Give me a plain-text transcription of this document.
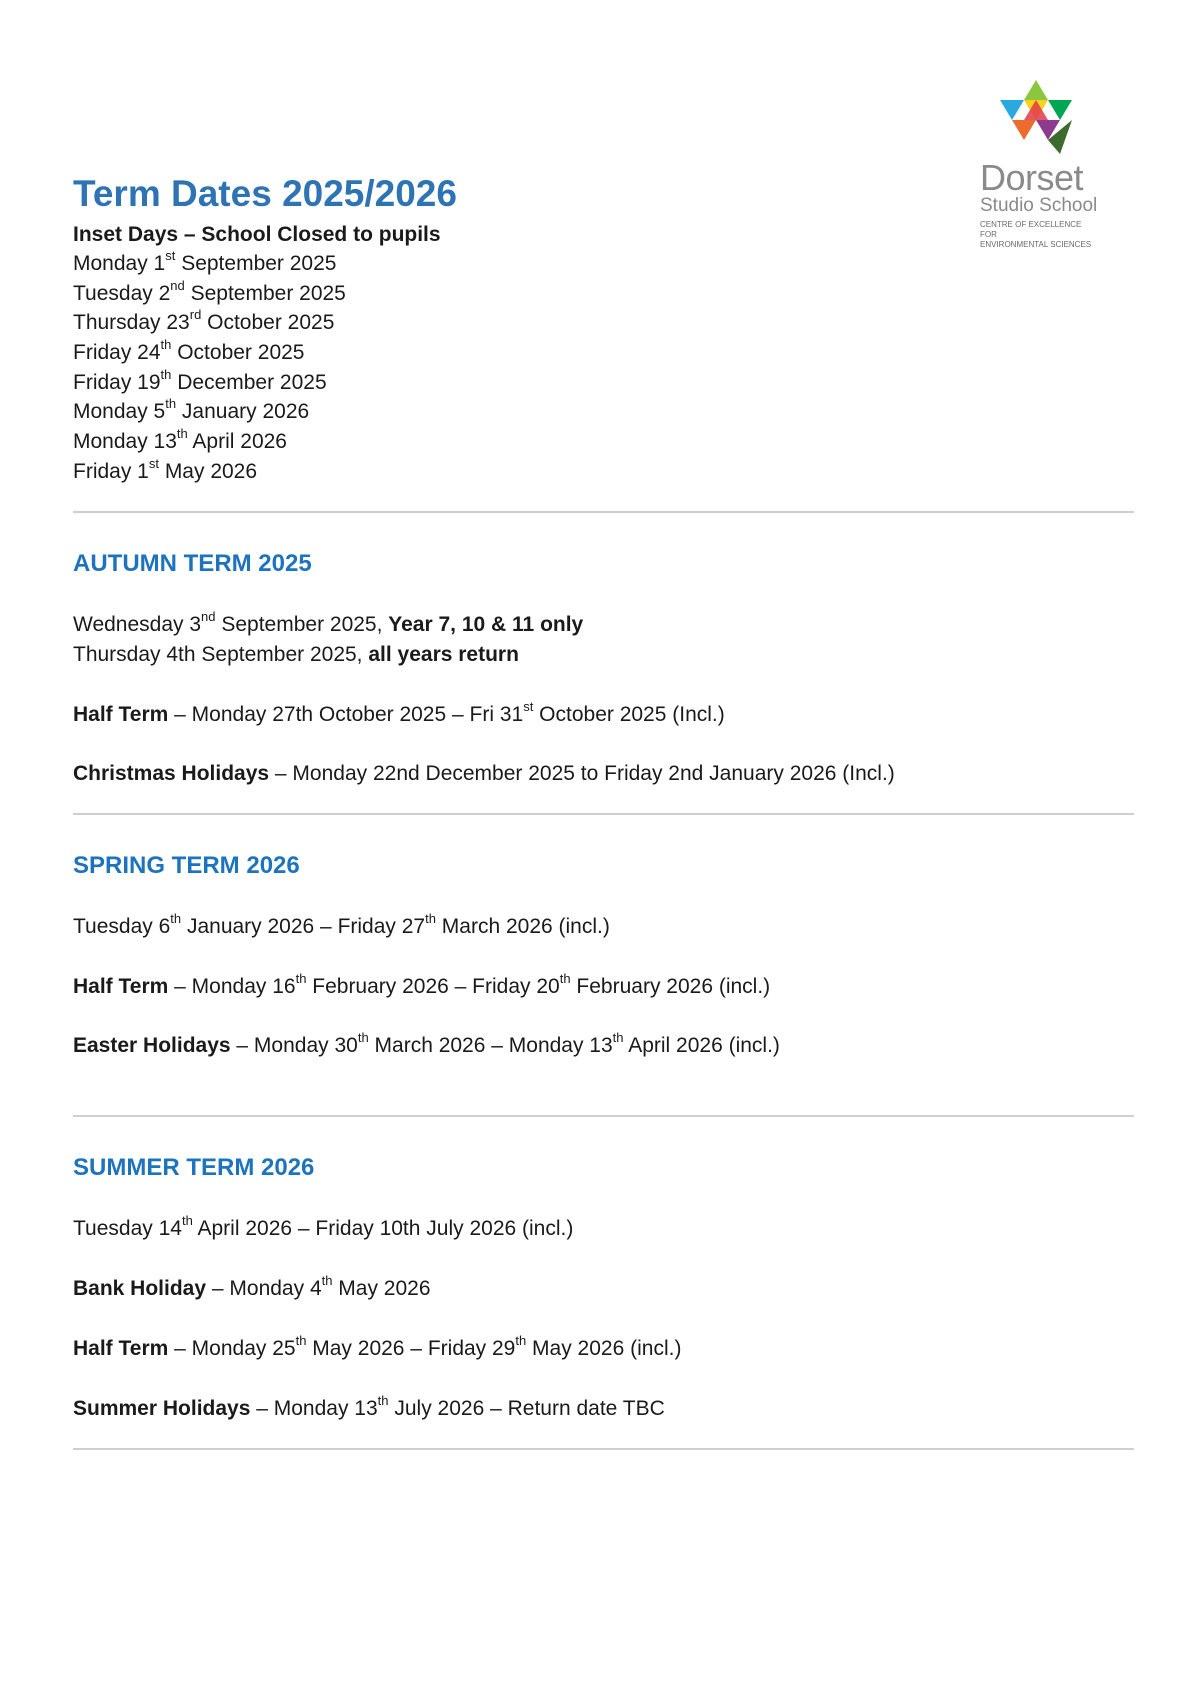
Dorset
Studio School
CENTRE OF EXCELLENCE FOR
ENVIRONMENTAL SCIENCES
Term Dates 2025/2026
Inset Days – School Closed to pupils
Monday 1st September 2025
Tuesday 2nd September 2025
Thursday 23rd October 2025
Friday 24th October 2025
Friday 19th December 2025
Monday 5th January 2026
Monday 13th April 2026
Friday 1st May 2026
AUTUMN TERM 2025
Wednesday 3nd September 2025, Year 7, 10 & 11 only
Thursday 4th September 2025, all years return
Half Term – Monday 27th October 2025 – Fri 31st October 2025 (Incl.)
Christmas Holidays – Monday 22nd December 2025 to Friday 2nd January 2026 (Incl.)
SPRING TERM 2026
Tuesday 6th January 2026 – Friday 27th March 2026 (incl.)
Half Term – Monday 16th February 2026 – Friday 20th February 2026 (incl.)
Easter Holidays – Monday 30th March 2026 – Monday 13th April 2026 (incl.)
SUMMER TERM 2026
Tuesday 14th April 2026 – Friday 10th July 2026 (incl.)
Bank Holiday – Monday 4th May 2026
Half Term – Monday 25th May 2026 – Friday 29th May 2026 (incl.)
Summer Holidays – Monday 13th July 2026 – Return date TBC
